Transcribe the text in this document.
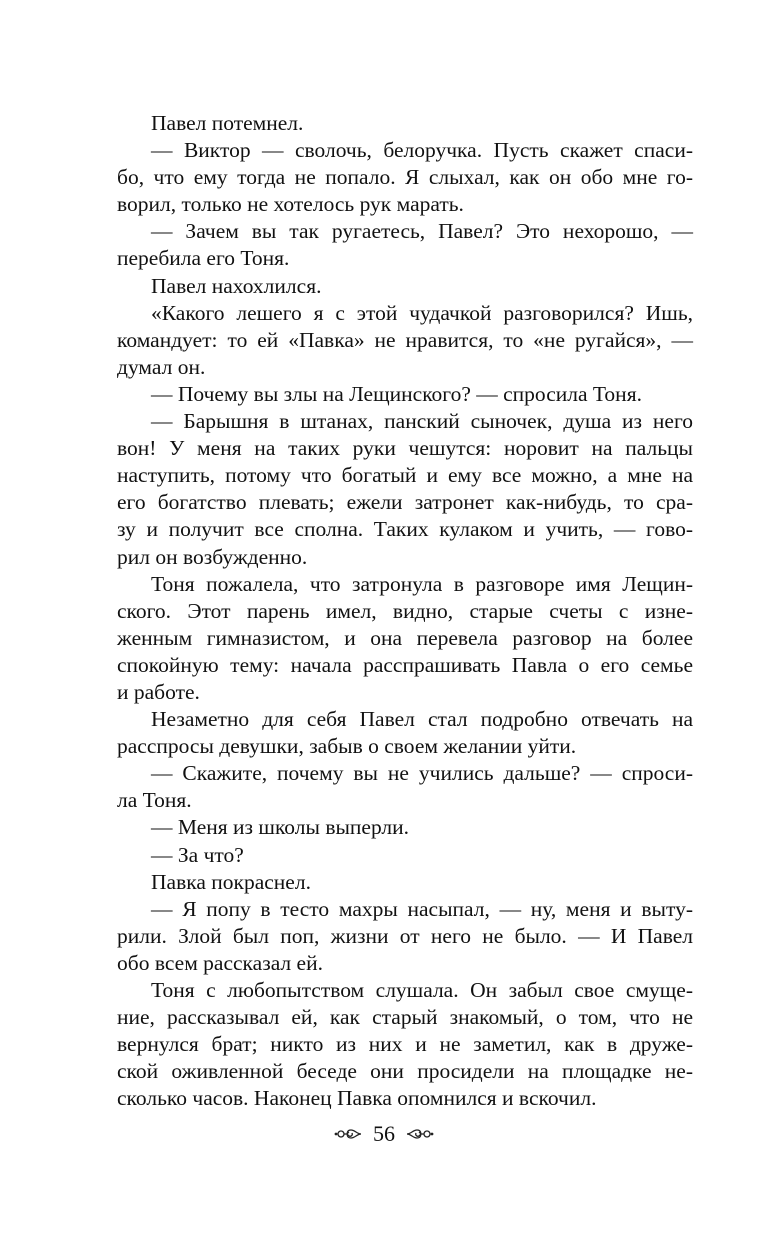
Павел потемнел.
— Виктор — сволочь, белоручка. Пусть скажет спаси-
бо, что ему тогда не попало. Я слыхал, как он обо мне го-
ворил, только не хотелось рук марать.
— Зачем вы так ругаетесь, Павел? Это нехорошо, —
перебила его Тоня.
Павел нахохлился.
«Какого лешего я с этой чудачкой разговорился? Ишь,
командует: то ей «Павка» не нравится, то «не ругайся», —
думал он.
— Почему вы злы на Лещинского? — спросила Тоня.
— Барышня в штанах, панский сыночек, душа из него
вон! У меня на таких руки чешутся: норовит на пальцы
наступить, потому что богатый и ему все можно, а мне на
его богатство плевать; ежели затронет как-нибудь, то сра-
зу и получит все сполна. Таких кулаком и учить, — гово-
рил он возбужденно.
Тоня пожалела, что затронула в разговоре имя Лещин-
ского. Этот парень имел, видно, старые счеты с изне-
женным гимназистом, и она перевела разговор на более
спокойную тему: начала расспрашивать Павла о его семье
и работе.
Незаметно для себя Павел стал подробно отвечать на
расспросы девушки, забыв о своем желании уйти.
— Скажите, почему вы не учились дальше? — спроси-
ла Тоня.
— Меня из школы выперли.
— За что?
Павка покраснел.
— Я попу в тесто махры насыпал, — ну, меня и выту-
рили. Злой был поп, жизни от него не было. — И Павел
обо всем рассказал ей.
Тоня с любопытством слушала. Он забыл свое смуще-
ние, рассказывал ей, как старый знакомый, о том, что не
вернулся брат; никто из них и не заметил, как в друже-
ской оживленной беседе они просидели на площадке не-
сколько часов. Наконец Павка опомнился и вскочил.
56
